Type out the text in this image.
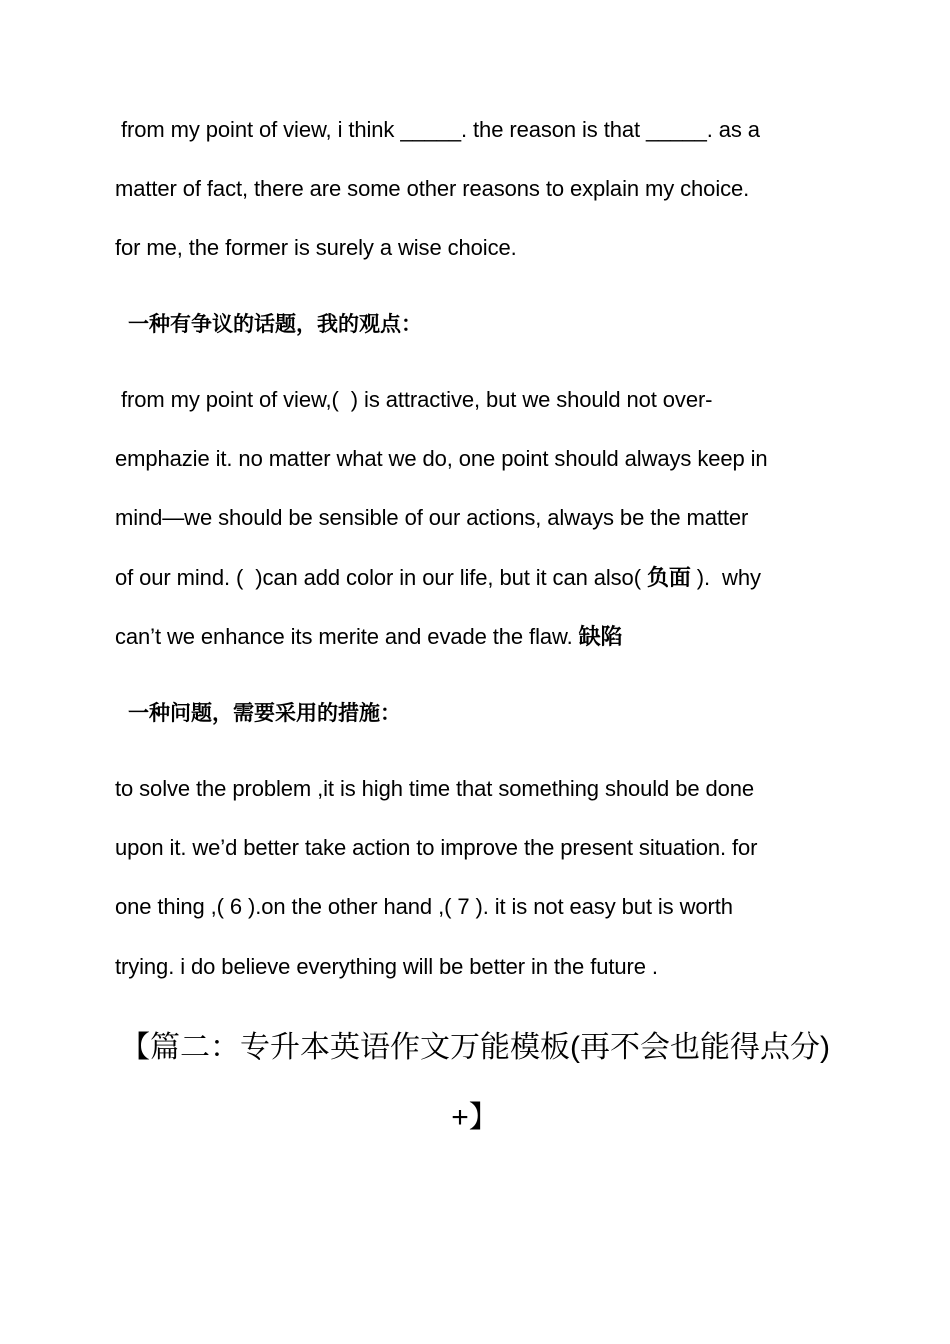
from my point of view, i think _____. the reason is that _____. as a
matter of fact, there are some other reasons to explain my choice.
for me, the former is surely a wise choice.
一种有争议的话题，我的观点：
from my point of view,(  ) is attractive, but we should not over-
emphazie it. no matter what we do, one point should always keep in
mind—we should be sensible of our actions, always be the matter
of our mind. (  )can add color in our life, but it can also( 负面 ).  why
can’t we enhance its merite and evade the flaw. 缺陷
一种问题，需要采用的措施：
to solve the problem ,it is high time that something should be done
upon it. we’d better take action to improve the present situation. for
one thing ,( 6 ).on the other hand ,( 7 ). it is not easy but is worth
trying. i do believe everything will be better in the future .
【篇二：专升本英语作文万能模板(再不会也能得点分)
+】
